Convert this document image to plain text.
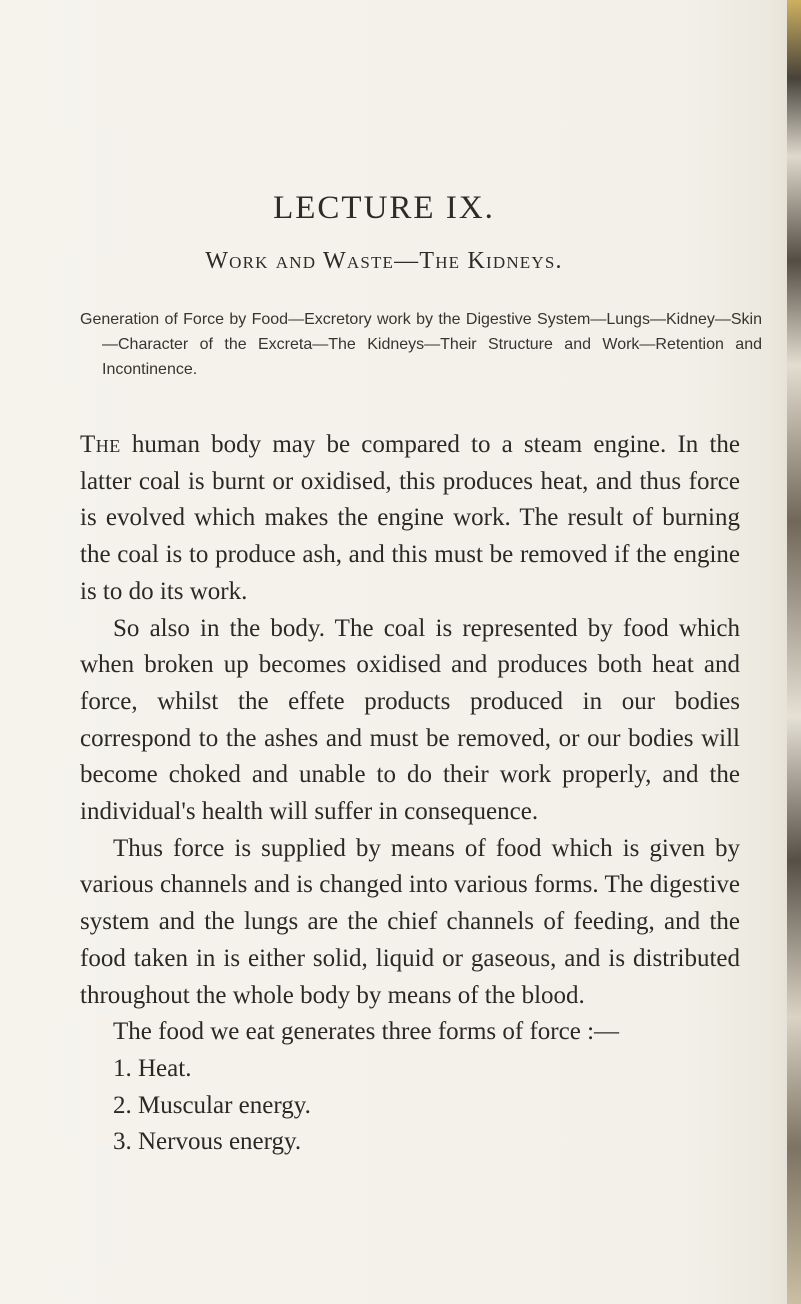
LECTURE IX.
Work and Waste—The Kidneys.
Generation of Force by Food—Excretory work by the Digestive System—Lungs—Kidney—Skin—Character of the Excreta—The Kidneys—Their Structure and Work—Retention and Incontinence.

The human body may be compared to a steam engine. In the latter coal is burnt or oxidised, this produces heat, and thus force is evolved which makes the engine work. The result of burning the coal is to produce ash, and this must be removed if the engine is to do its work.

So also in the body. The coal is represented by food which when broken up becomes oxidised and produces both heat and force, whilst the effete products produced in our bodies correspond to the ashes and must be removed, or our bodies will become choked and unable to do their work properly, and the individual's health will suffer in consequence.

Thus force is supplied by means of food which is given by various channels and is changed into various forms. The digestive system and the lungs are the chief channels of feeding, and the food taken in is either solid, liquid or gaseous, and is distributed throughout the whole body by means of the blood.

The food we eat generates three forms of force :—

1. Heat.
2. Muscular energy.
3. Nervous energy.
